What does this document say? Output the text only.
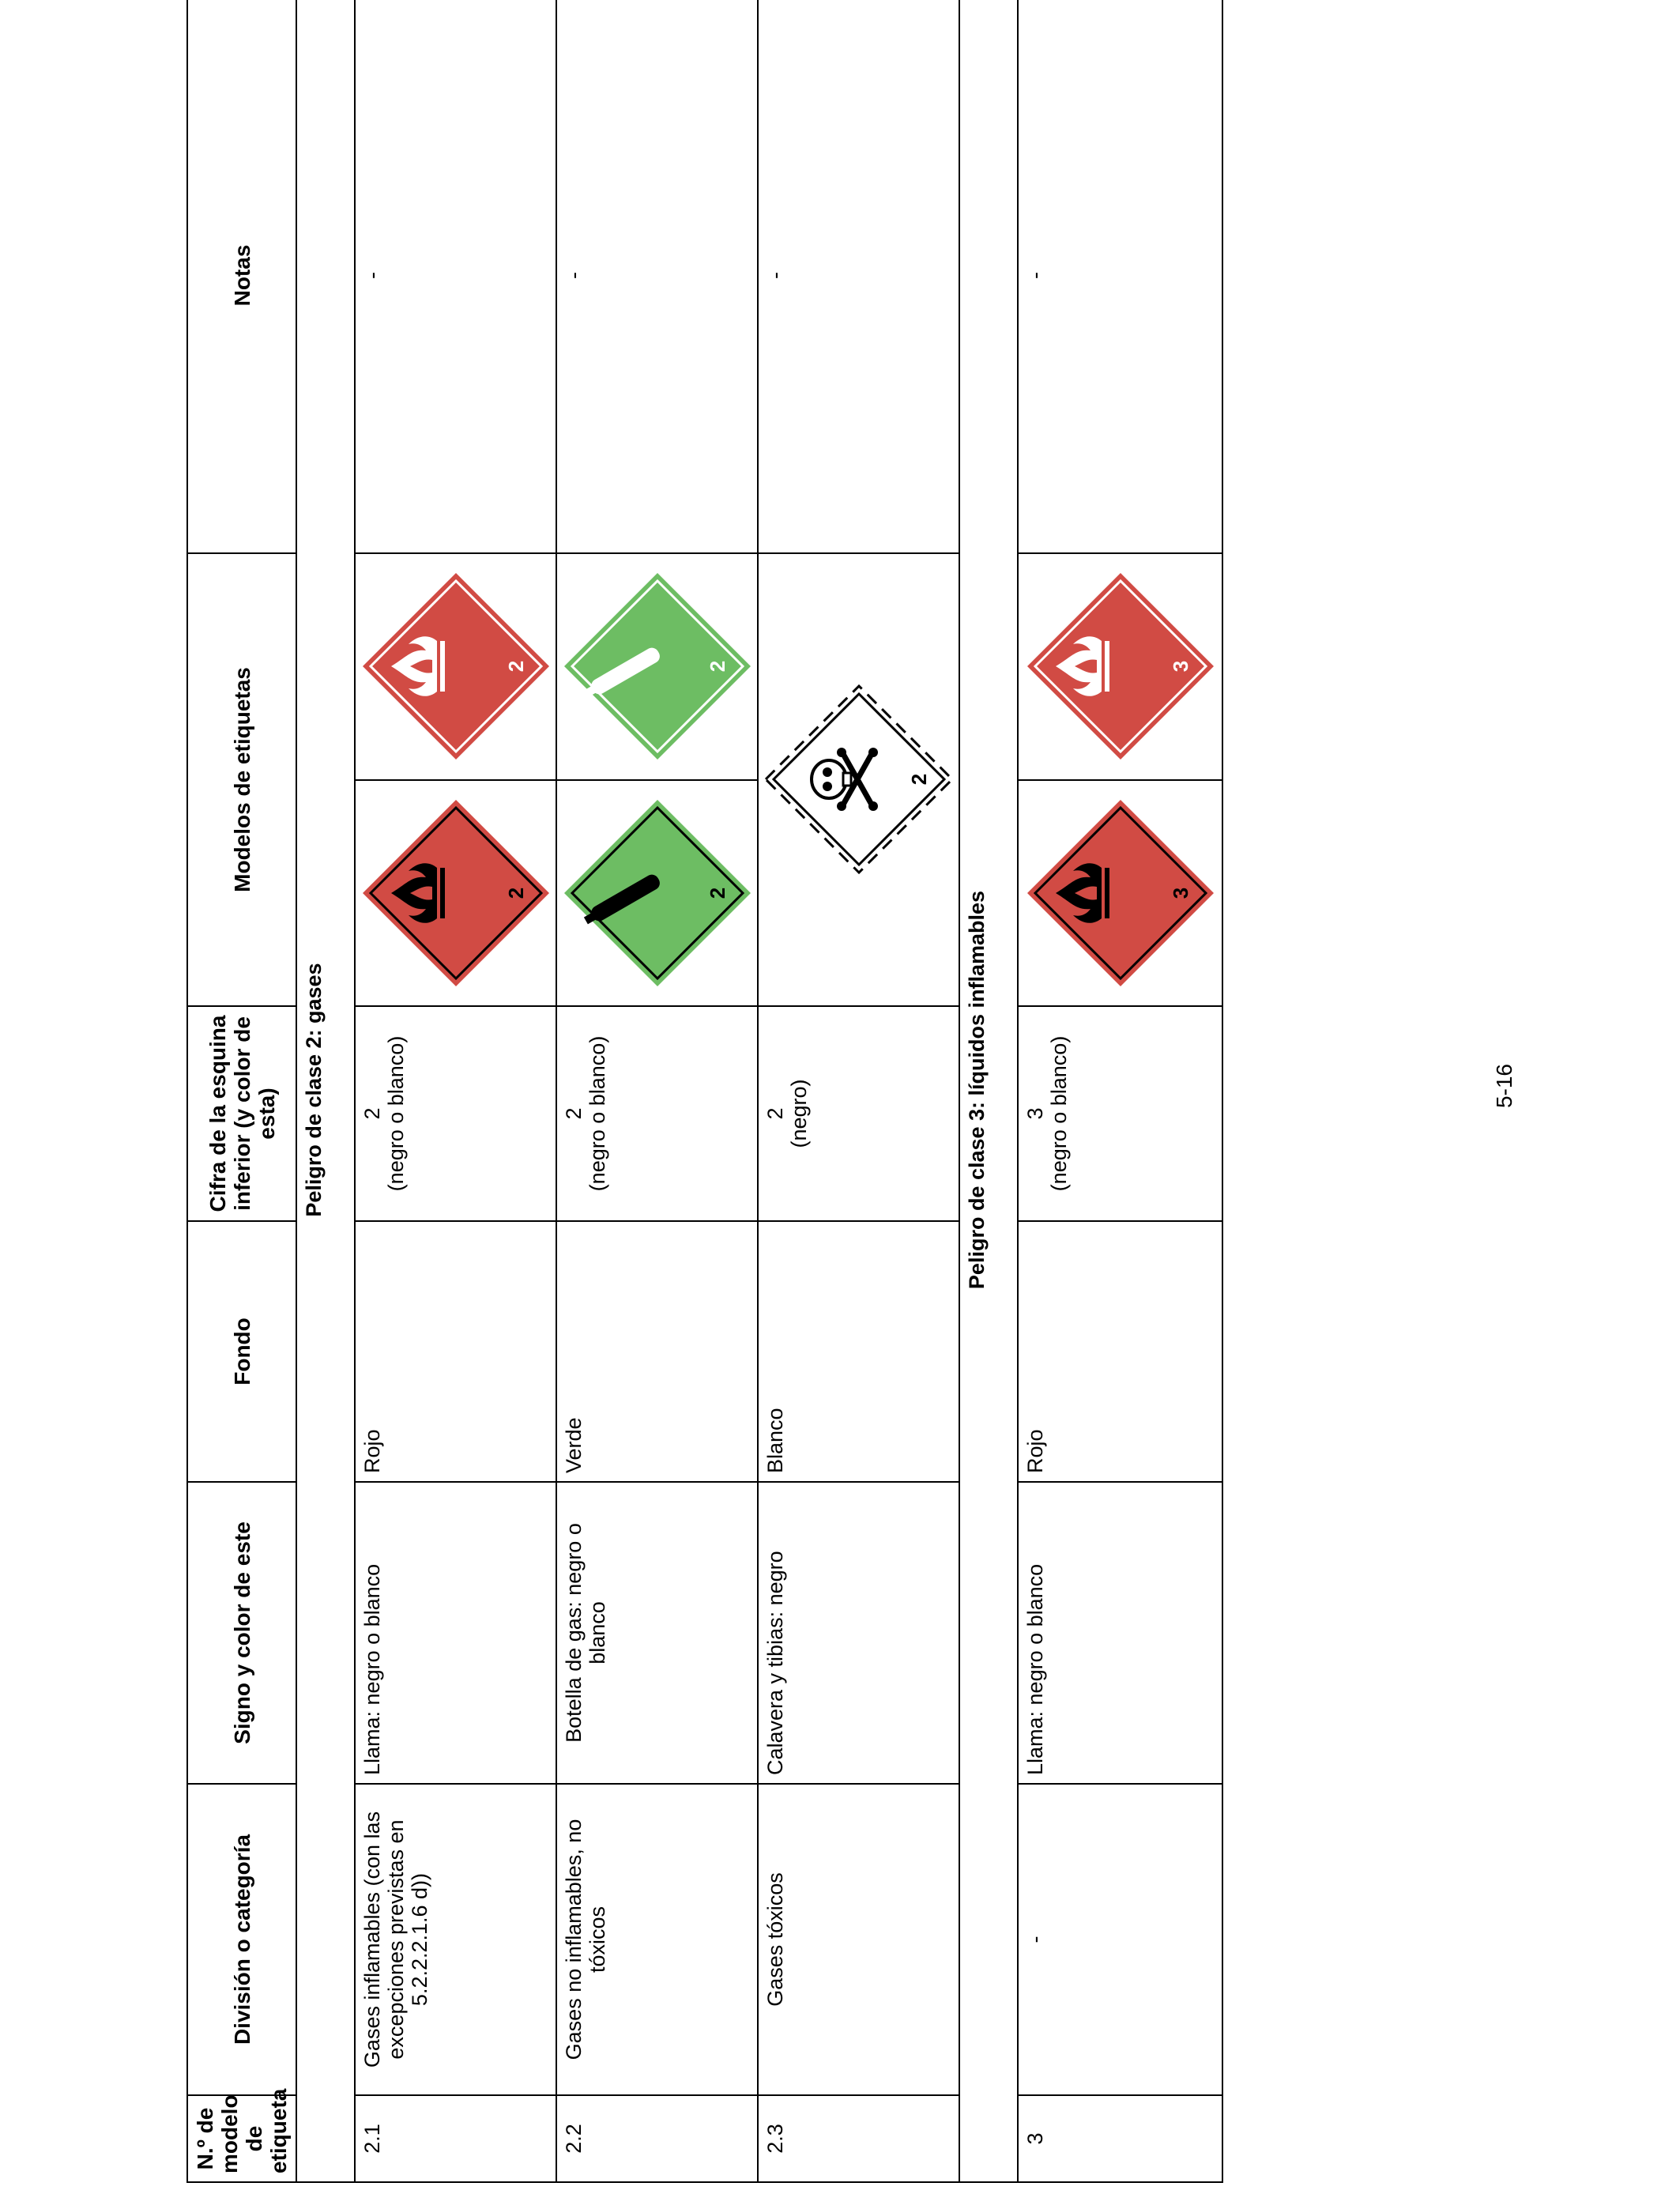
N.º de modelo de etiqueta	División o categoría	Signo y color de este	Fondo	Cifra de la esquina inferior (y color de esta)	Modelos de etiquetas		Notas
Peligro de clase 2: gases							
2.1	Gases inflamables (con las excepciones previstas en 5.2.2.2.1.6 d))	Llama: negro o blanco	Rojo	2 (negro o blanco)	2	2	-
2.2	Gases no inflamables, no tóxicos	Botella de gas: negro o blanco	Verde	2 (negro o blanco)	2	2	-
2.3	Gases tóxicos	Calavera y tibias: negro	Blanco	2 (negro)	2		-
Peligro de clase 3: líquidos inflamables							
3	-	Llama: negro o blanco	Rojo	3 (negro o blanco)	3	3	-
5-16
